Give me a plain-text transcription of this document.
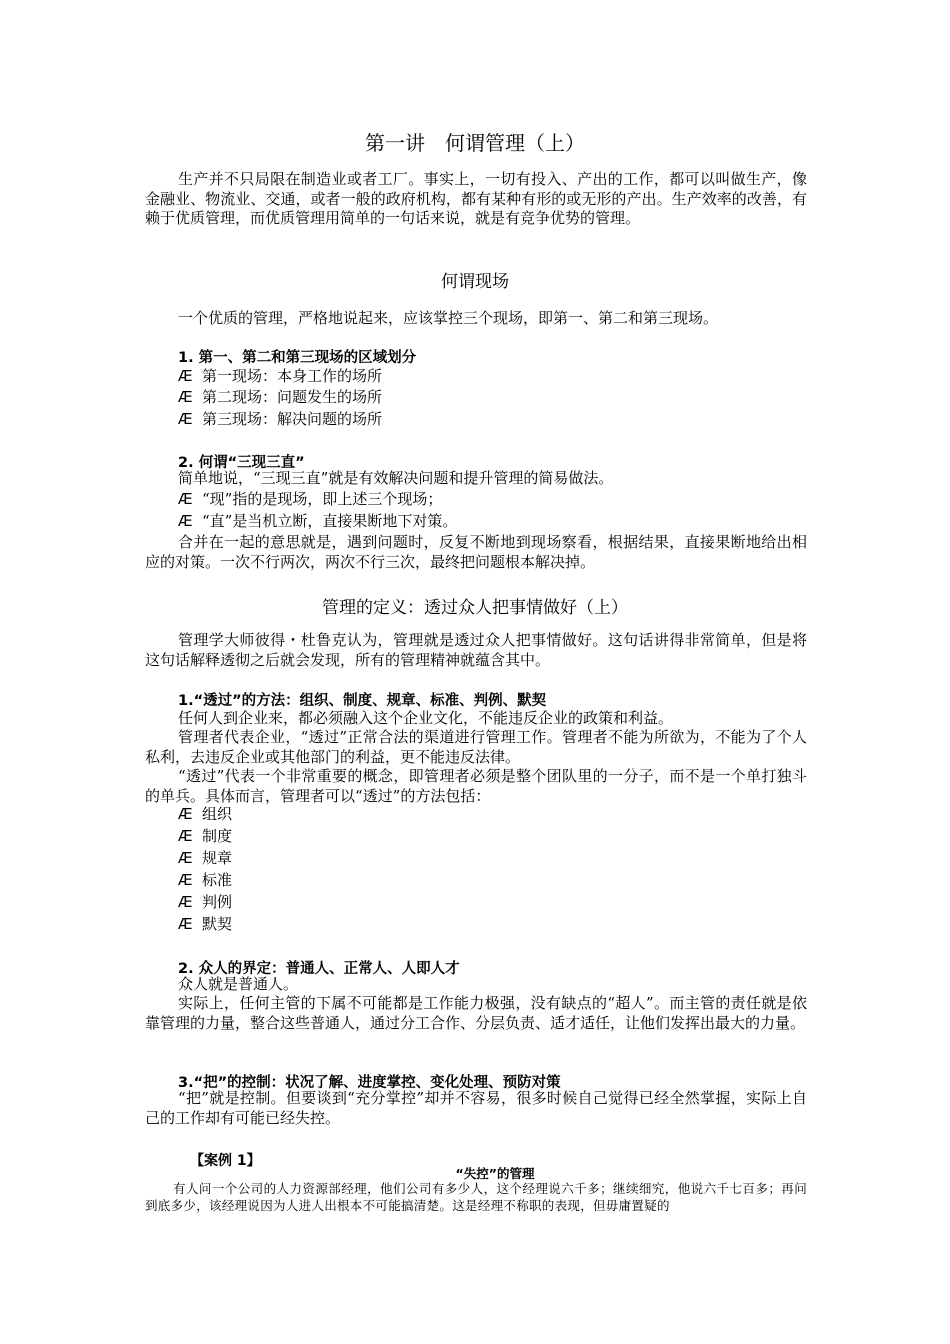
第一讲　何谓管理（上）
生产并不只局限在制造业或者工厂。事实上，一切有投入、产出的工作，都可以叫做生产，像金融业、物流业、交通，或者一般的政府机构，都有某种有形的或无形的产出。生产效率的改善，有赖于优质管理，而优质管理用简单的一句话来说，就是有竞争优势的管理。
何谓现场
一个优质的管理，严格地说起来，应该掌控三个现场，即第一、第二和第三现场。
1. 第一、第二和第三现场的区域划分
Æ 第一现场：本身工作的场所
Æ 第二现场：问题发生的场所
Æ 第三现场：解决问题的场所
2. 何谓“三现三直”
简单地说，“三现三直”就是有效解决问题和提升管理的简易做法。
Æ “现”指的是现场，即上述三个现场；
Æ “直”是当机立断，直接果断地下对策。
合并在一起的意思就是，遇到问题时，反复不断地到现场察看，根据结果，直接果断地给出相应的对策。一次不行两次，两次不行三次，最终把问题根本解决掉。
管理的定义：透过众人把事情做好（上）
管理学大师彼得・杜鲁克认为，管理就是透过众人把事情做好。这句话讲得非常简单，但是将这句话解释透彻之后就会发现，所有的管理精神就蕴含其中。
1.“透过”的方法：组织、制度、规章、标准、判例、默契
任何人到企业来，都必须融入这个企业文化，不能违反企业的政策和利益。
管理者代表企业，“透过”正常合法的渠道进行管理工作。管理者不能为所欲为，不能为了个人私利，去违反企业或其他部门的利益，更不能违反法律。
“透过”代表一个非常重要的概念，即管理者必须是整个团队里的一分子，而不是一个单打独斗的单兵。具体而言，管理者可以“透过”的方法包括：
Æ 组织
Æ 制度
Æ 规章
Æ 标准
Æ 判例
Æ 默契
2. 众人的界定：普通人、正常人、人即人才
众人就是普通人。
实际上，任何主管的下属不可能都是工作能力极强，没有缺点的“超人”。而主管的责任就是依靠管理的力量，整合这些普通人，通过分工合作、分层负责、适才适任，让他们发挥出最大的力量。
3.“把”的控制：状况了解、进度掌控、变化处理、预防对策
“把”就是控制。但要谈到“充分掌控”却并不容易，很多时候自己觉得已经全然掌握，实际上自己的工作却有可能已经失控。
【案例 1】
“失控”的管理
有人问一个公司的人力资源部经理，他们公司有多少人，这个经理说六千多；继续细究，他说六千七百多；再问到底多少，该经理说因为人进人出根本不可能搞清楚。这是经理不称职的表现，但毋庸置疑的
